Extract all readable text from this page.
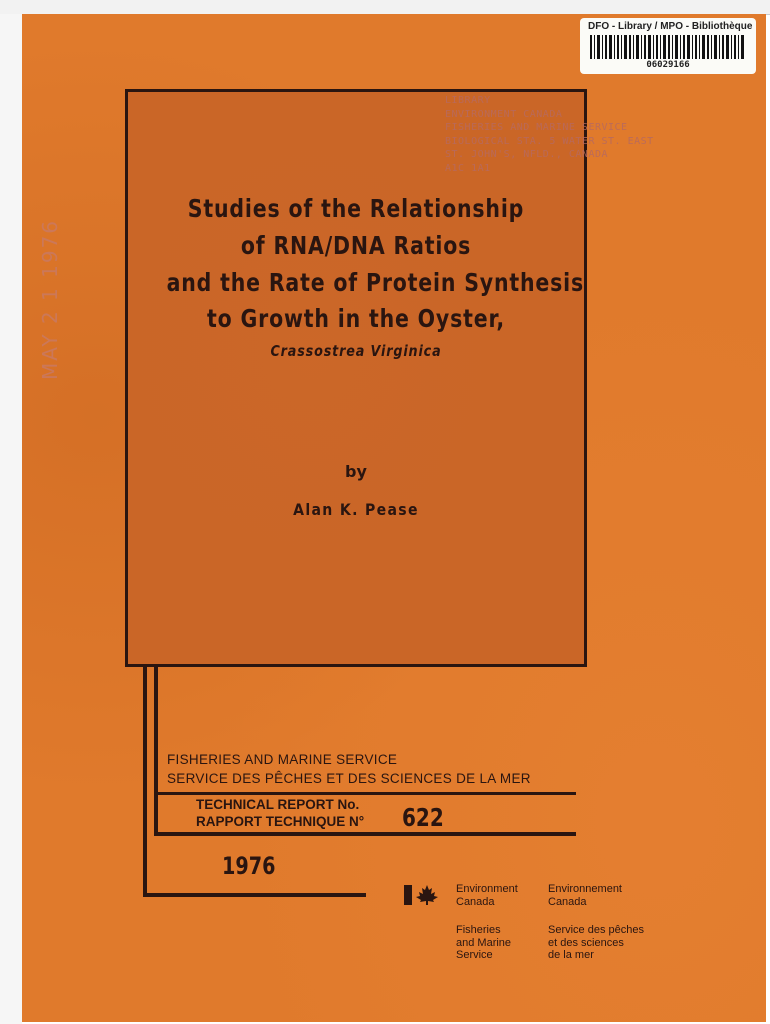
DFO - Library / MPO - Bibliothèque
06029166
LIBRARY
ENVIRONMENT CANADA
FISHERIES AND MARINE SERVICE
BIOLOGICAL STA. 5 WATER ST. EAST
ST. JOHN'S, NFLD., CANADA
A1C 1A1
MAY 2 1 1976
Studies of the Relationship
of RNA/DNA Ratios
and the Rate of Protein Synthesis
to Growth in the Oyster,
Crassostrea Virginica
by
Alan K. Pease
FISHERIES AND MARINE SERVICE
SERVICE DES PÊCHES ET DES SCIENCES DE LA MER
TECHNICAL REPORT No.
RAPPORT TECHNIQUE N° 622
1976
Environment
Canada
Environnement
Canada
Fisheries
and Marine
Service
Service des pêches
et des sciences
de la mer
